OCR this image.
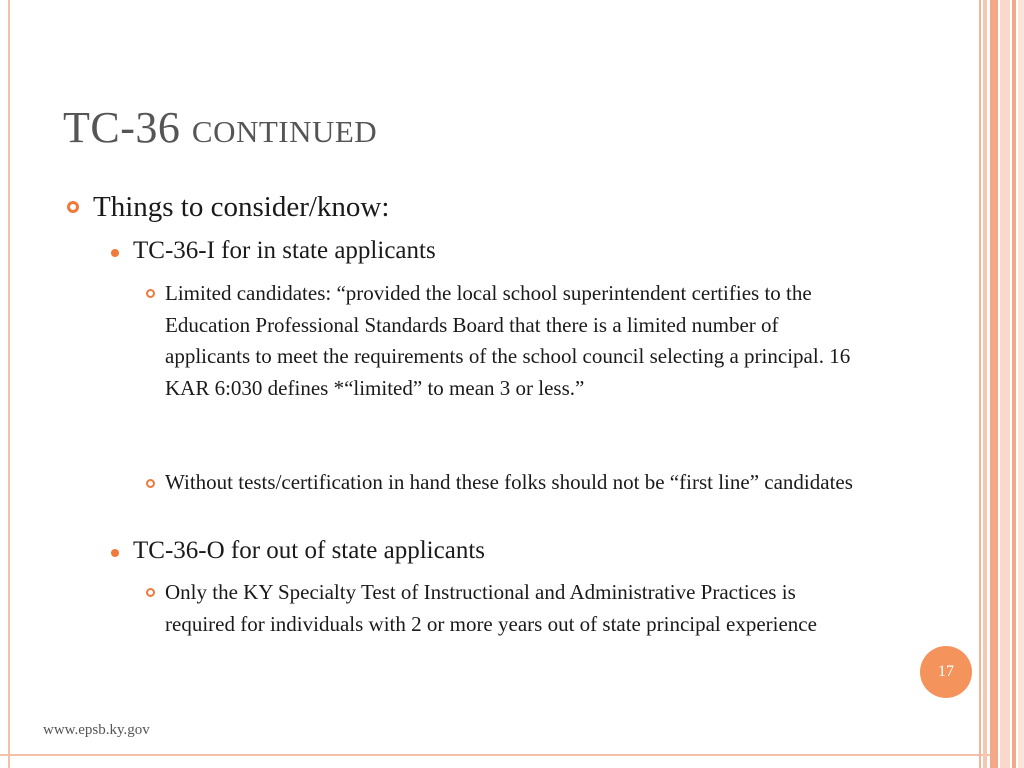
TC-36 continued
Things to consider/know:
TC-36-I for in state applicants
Limited candidates: “provided the local school superintendent certifies to the Education Professional Standards Board that there is a limited number of applicants to meet the requirements of the school council selecting a principal. 16 KAR 6:030 defines *“limited” to mean 3 or less.”
Without tests/certification in hand these folks should not be “first line” candidates
TC-36-O for out of state applicants
Only the KY Specialty Test of Instructional and Administrative Practices is required for individuals with 2 or more years out of state principal experience
17
www.epsb.ky.gov
